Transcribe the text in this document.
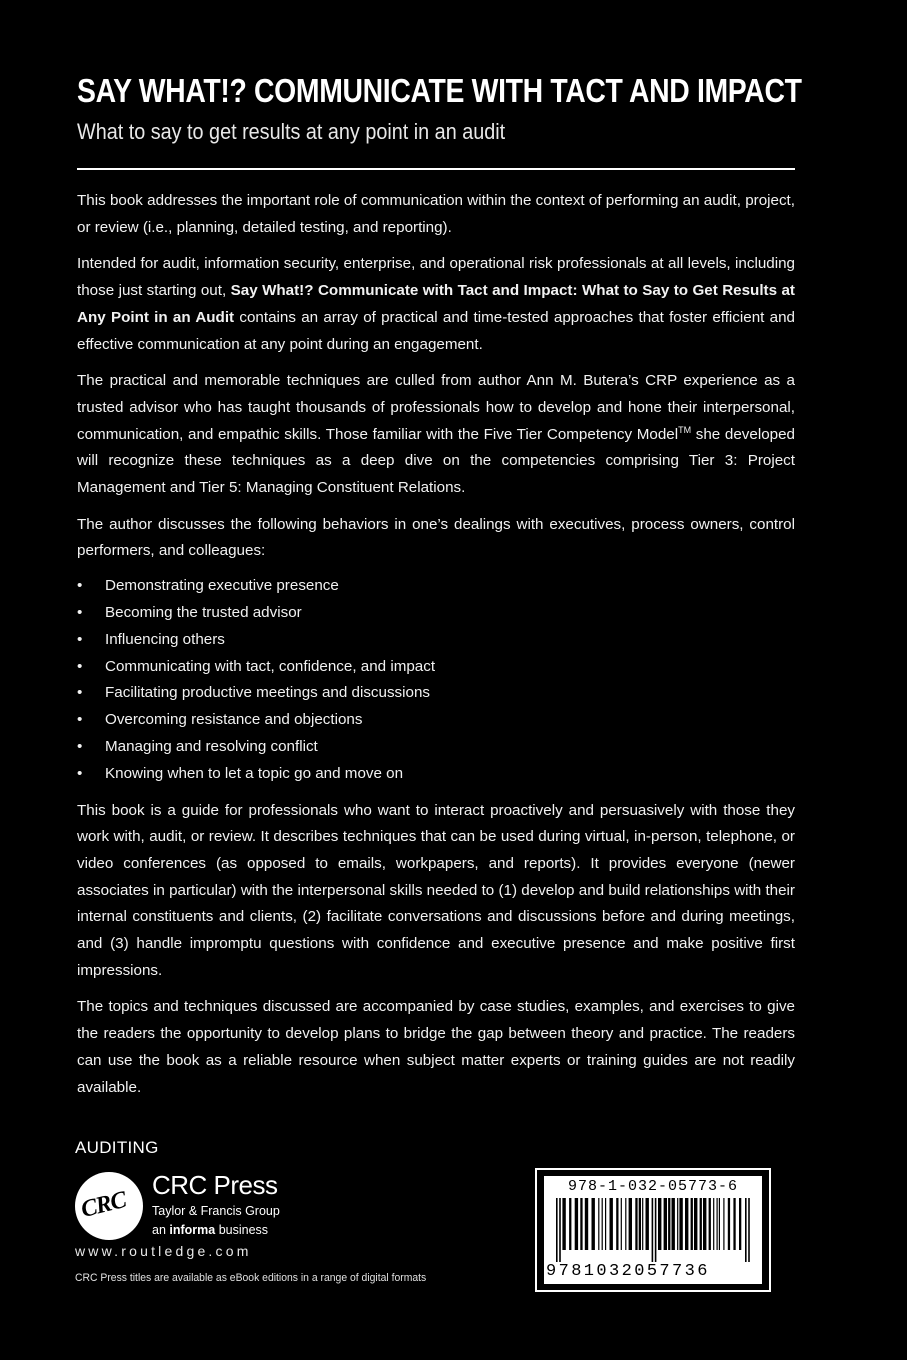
SAY WHAT!? COMMUNICATE WITH TACT AND IMPACT
What to say to get results at any point in an audit

This book addresses the important role of communication within the context of performing an audit, project, or review (i.e., planning, detailed testing, and reporting).

Intended for audit, information security, enterprise, and operational risk professionals at all levels, including those just starting out, Say What!? Communicate with Tact and Impact: What to Say to Get Results at Any Point in an Audit contains an array of practical and time-tested approaches that foster efficient and effective communication at any point during an engagement.

The practical and memorable techniques are culled from author Ann M. Butera’s CRP experience as a trusted advisor who has taught thousands of professionals how to develop and hone their interpersonal, communication, and empathic skills. Those familiar with the Five Tier Competency Model™ she developed will recognize these techniques as a deep dive on the competencies comprising Tier 3: Project Management and Tier 5: Managing Constituent Relations.

The author discusses the following behaviors in one’s dealings with executives, process owners, control performers, and colleagues:

• Demonstrating executive presence
• Becoming the trusted advisor
• Influencing others
• Communicating with tact, confidence, and impact
• Facilitating productive meetings and discussions
• Overcoming resistance and objections
• Managing and resolving conflict
• Knowing when to let a topic go and move on

This book is a guide for professionals who want to interact proactively and persuasively with those they work with, audit, or review. It describes techniques that can be used during virtual, in-person, telephone, or video conferences (as opposed to emails, workpapers, and reports). It provides everyone (newer associates in particular) with the interpersonal skills needed to (1) develop and build relationships with their internal constituents and clients, (2) facilitate conversations and discussions before and during meetings, and (3) handle impromptu questions with confidence and executive presence and make positive first impressions.

The topics and techniques discussed are accompanied by case studies, examples, and exercises to give the readers the opportunity to develop plans to bridge the gap between theory and practice. The readers can use the book as a reliable resource when subject matter experts or training guides are not readily available.

AUDITING
CRC
CRC Press
Taylor & Francis Group
an informa business
www.routledge.com
CRC Press titles are available as eBook editions in a range of digital formats
978-1-032-05773-6
9781032057736
